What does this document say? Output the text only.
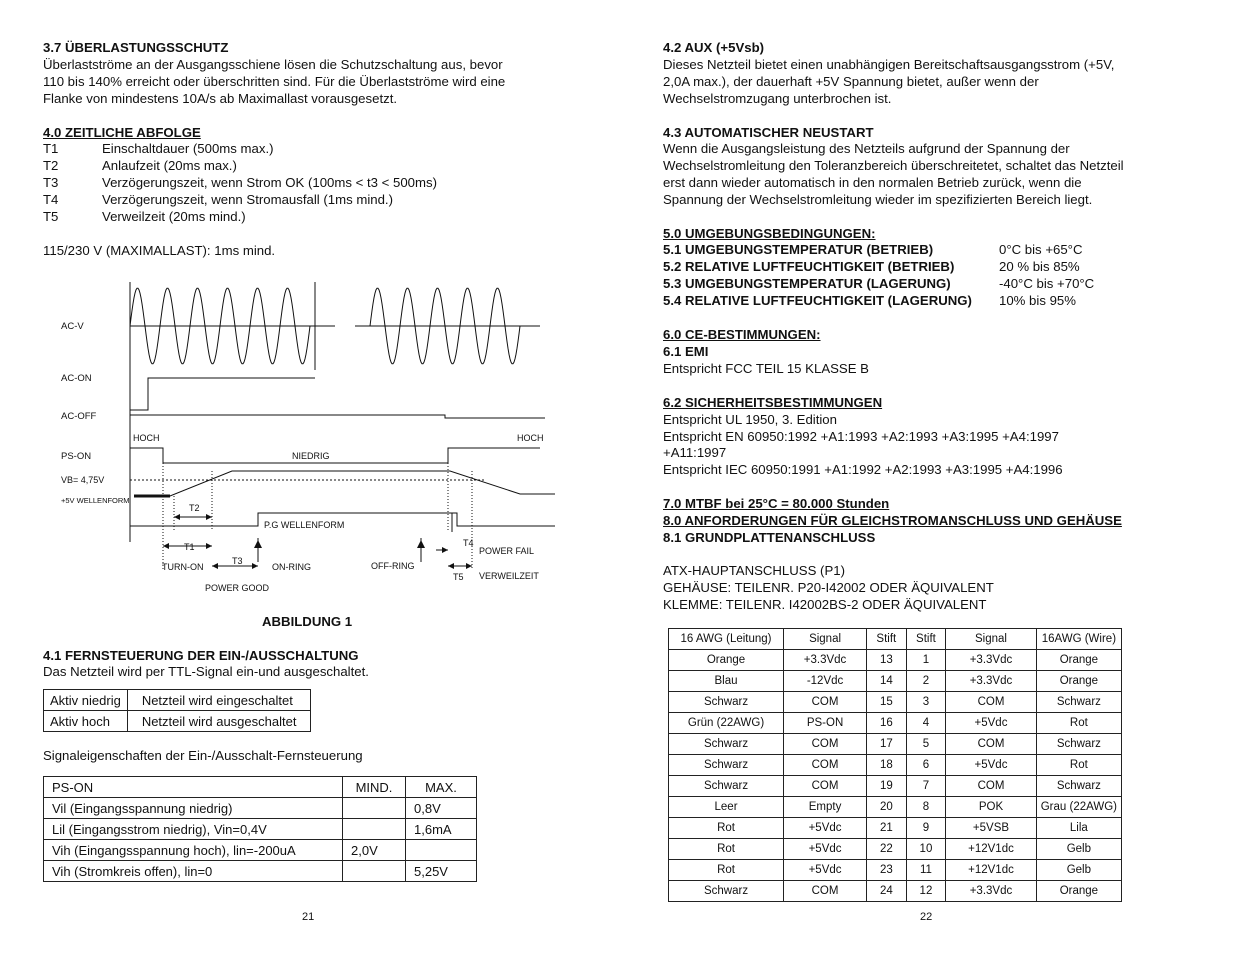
3.7 ÜBERLASTUNGSSCHUTZ
Überlastströme an der Ausgangsschiene lösen die Schutzschaltung aus, bevor
110 bis 140% erreicht oder überschritten sind. Für die Überlastströme wird eine
Flanke von mindestens 10A/s ab Maximallast vorausgesetzt.
4.0 ZEITLICHE ABFOLGE
T1	Einschaltdauer (500ms max.)
T2	Anlaufzeit (20ms max.)
T3	Verzögerungszeit, wenn Strom OK (100ms < t3 < 500ms)
T4	Verzögerungszeit, wenn Stromausfall (1ms mind.)
T5	Verweilzeit (20ms mind.)
115/230 V (MAXIMALLAST): 1ms mind.
AC-V
AC-ON
AC-OFF
HOCH
PS-ON	NIEDRIG
HOCH
VB= 4,75V
+5V WELLENFORM
T2
P.G WELLENFORM
T1
T3
T4
T5
TURN-ON	ON-RING
POWER GOOD
OFF-RING
POWER FAIL
VERWEILZEIT
ABBILDUNG 1
4.1 FERNSTEUERUNG DER EIN-/AUSSCHALTUNG
Das Netzteil wird per TTL-Signal ein-und ausgeschaltet.
Aktiv niedrig	Netzteil wird eingeschaltet
Aktiv hoch	Netzteil wird ausgeschaltet
Signaleigenschaften der Ein-/Ausschalt-Fernsteuerung
PS-ON	MIND.	MAX.
Vil (Eingangsspannung niedrig)		0,8V
Lil (Eingangsstrom niedrig), Vin=0,4V		1,6mA
Vih (Eingangsspannung hoch), lin=-200uA	2,0V	
Vih (Stromkreis offen), lin=0		5,25V
21
4.2 AUX (+5Vsb)
Dieses Netzteil bietet einen unabhängigen Bereitschaftsausgangsstrom (+5V,
2,0A max.), der dauerhaft +5V Spannung bietet, außer wenn der
Wechselstromzugang unterbrochen ist.
4.3 AUTOMATISCHER NEUSTART
Wenn die Ausgangsleistung des Netzteils aufgrund der Spannung der
Wechselstromleitung den Toleranzbereich überschreitetet, schaltet das Netzteil
erst dann wieder automatisch in den normalen Betrieb zurück, wenn die
Spannung der Wechselstromleitung wieder im spezifizierten Bereich liegt.
5.0 UMGEBUNGSBEDINGUNGEN:
5.1 UMGEBUNGSTEMPERATUR (BETRIEB)	0°C bis +65°C
5.2 RELATIVE LUFTFEUCHTIGKEIT (BETRIEB)	20 % bis 85%
5.3 UMGEBUNGSTEMPERATUR (LAGERUNG)	-40°C bis +70°C
5.4 RELATIVE LUFTFEUCHTIGKEIT (LAGERUNG) 10% bis 95%
6.0 CE-BESTIMMUNGEN:
6.1 EMI
Entspricht FCC TEIL 15 KLASSE B
6.2 SICHERHEITSBESTIMMUNGEN
Entspricht UL 1950, 3. Edition
Entspricht EN 60950:1992 +A1:1993 +A2:1993 +A3:1995 +A4:1997
+A11:1997
Entspricht IEC 60950:1991 +A1:1992 +A2:1993 +A3:1995 +A4:1996
7.0 MTBF bei 25°C = 80.000 Stunden
8.0 ANFORDERUNGEN FÜR GLEICHSTROMANSCHLUSS UND GEHÄUSE
8.1 GRUNDPLATTENANSCHLUSS
ATX-HAUPTANSCHLUSS (P1)
GEHÄUSE: TEILENR. P20-I42002 ODER ÄQUIVALENT
KLEMME: TEILENR. I42002BS-2 ODER ÄQUIVALENT
16 AWG (Leitung)	Signal	Stift	Stift	Signal	16AWG (Wire)
Orange	+3.3Vdc	13	1	+3.3Vdc	Orange
Blau	-12Vdc	14	2	+3.3Vdc	Orange
Schwarz	COM	15	3	COM	Schwarz
Grün (22AWG)	PS-ON	16	4	+5Vdc	Rot
Schwarz	COM	17	5	COM	Schwarz
Schwarz	COM	18	6	+5Vdc	Rot
Schwarz	COM	19	7	COM	Schwarz
Leer	Empty	20	8	POK	Grau (22AWG)
Rot	+5Vdc	21	9	+5VSB	Lila
Rot	+5Vdc	22	10	+12V1dc	Gelb
Rot	+5Vdc	23	11	+12V1dc	Gelb
Schwarz	COM	24	12	+3.3Vdc	Orange
22
